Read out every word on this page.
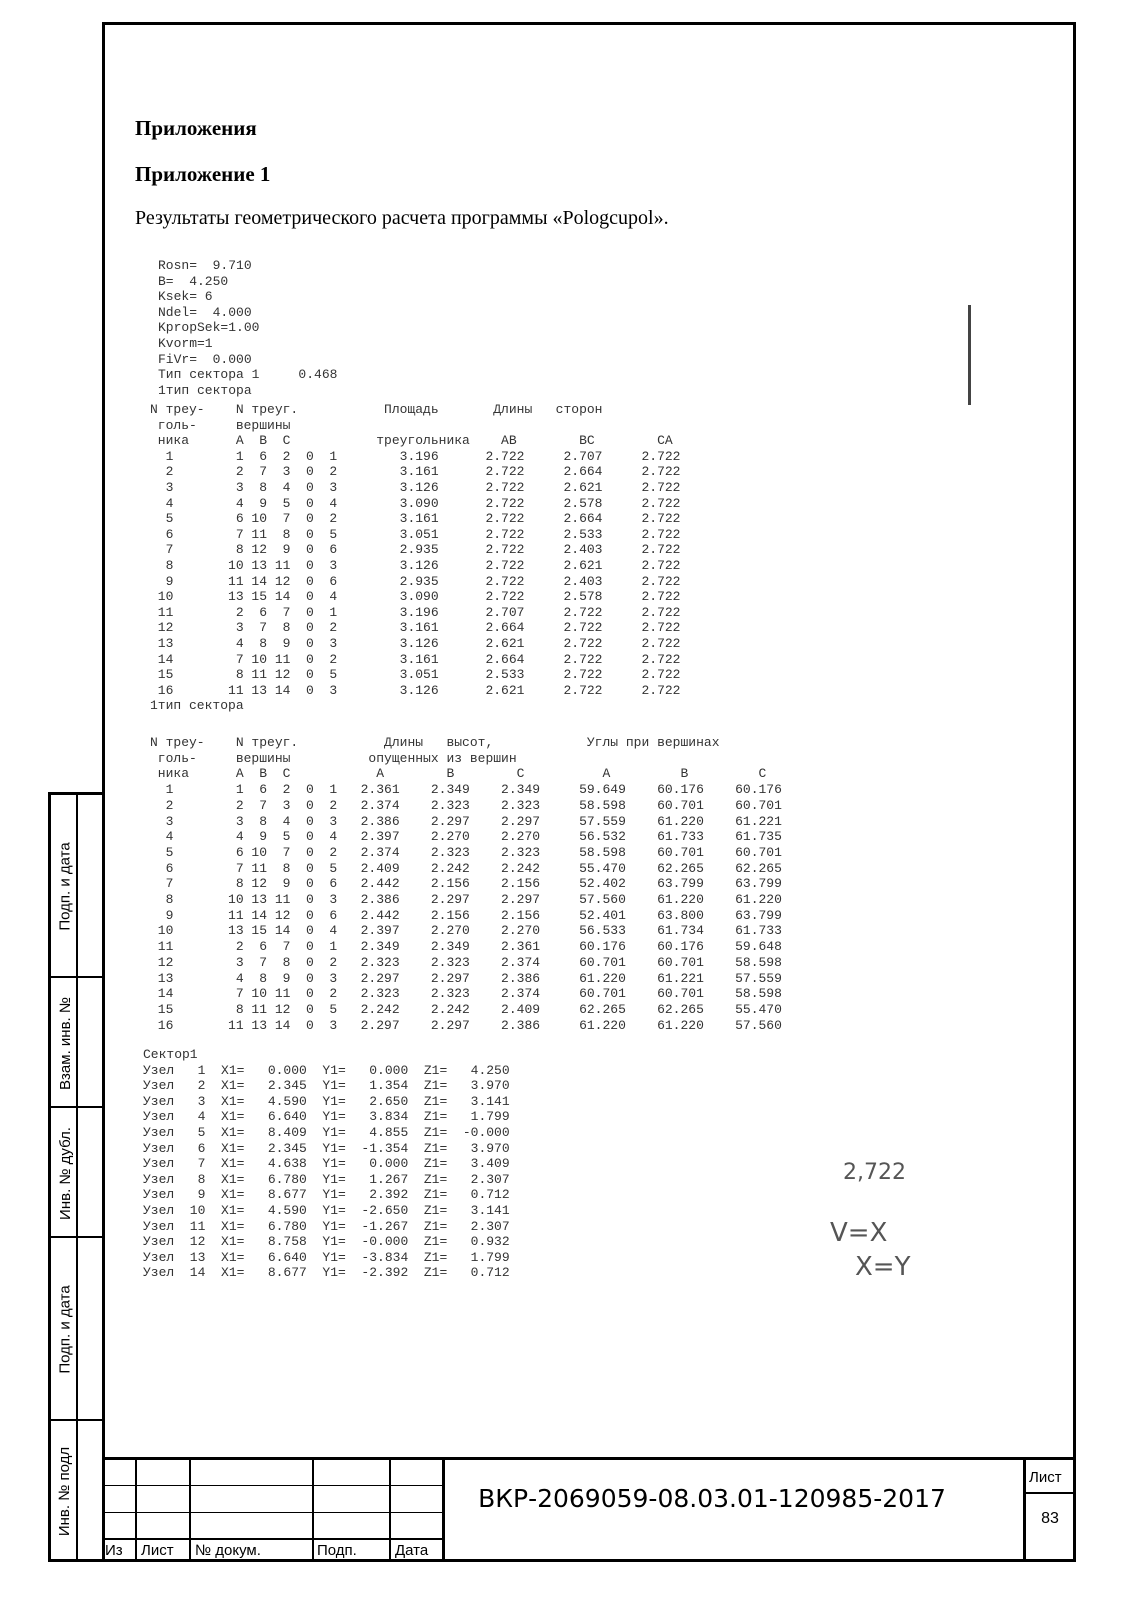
Приложения
Приложение 1

Результаты геометрического расчета программы «Pologcupol».

Rosn=  9.710
B=  4.250
Ksek= 6
Ndel=  4.000
KpropSek=1.00
Kvorm=1
FiVr=  0.000
Тип сектора 1     0.468
1тип сектора
N треу-    N треуг.           Площадь       Длины   сторон
гoль-     вершины
ника      A  B  C           треугольника    AB        BC        CA
1        1  6  2  0  1        3.196      2.722     2.707     2.722
2        2  7  3  0  2        3.161      2.722     2.664     2.722
3        3  8  4  0  3        3.126      2.722     2.621     2.722
4        4  9  5  0  4        3.090      2.722     2.578     2.722
5        6 10  7  0  2        3.161      2.722     2.664     2.722
6        7 11  8  0  5        3.051      2.722     2.533     2.722
7        8 12  9  0  6        2.935      2.722     2.403     2.722
8       10 13 11  0  3        3.126      2.722     2.621     2.722
9       11 14 12  0  6        2.935      2.722     2.403     2.722
10       13 15 14  0  4        3.090      2.722     2.578     2.722
11        2  6  7  0  1        3.196      2.707     2.722     2.722
12        3  7  8  0  2        3.161      2.664     2.722     2.722
13        4  8  9  0  3        3.126      2.621     2.722     2.722
14        7 10 11  0  2        3.161      2.664     2.722     2.722
15        8 11 12  0  5        3.051      2.533     2.722     2.722
16       11 13 14  0  3        3.126      2.621     2.722     2.722
1тип сектора
N треу-    N треуг.           Длины   высот,            Углы при вершинах
гoль-     вершины          опущенных из вершин
ника      A  B  C           A        B        C          A         B         C
1        1  6  2  0  1   2.361    2.349    2.349     59.649    60.176    60.176
2        2  7  3  0  2   2.374    2.323    2.323     58.598    60.701    60.701
3        3  8  4  0  3   2.386    2.297    2.297     57.559    61.220    61.221
4        4  9  5  0  4   2.397    2.270    2.270     56.532    61.733    61.735
5        6 10  7  0  2   2.374    2.323    2.323     58.598    60.701    60.701
6        7 11  8  0  5   2.409    2.242    2.242     55.470    62.265    62.265
7        8 12  9  0  6   2.442    2.156    2.156     52.402    63.799    63.799
8       10 13 11  0  3   2.386    2.297    2.297     57.560    61.220    61.220
9       11 14 12  0  6   2.442    2.156    2.156     52.401    63.800    63.799
10       13 15 14  0  4   2.397    2.270    2.270     56.533    61.734    61.733
11        2  6  7  0  1   2.349    2.349    2.361     60.176    60.176    59.648
12        3  7  8  0  2   2.323    2.323    2.374     60.701    60.701    58.598
13        4  8  9  0  3   2.297    2.297    2.386     61.220    61.221    57.559
14        7 10 11  0  2   2.323    2.323    2.374     60.701    60.701    58.598
15        8 11 12  0  5   2.242    2.242    2.409     62.265    62.265    55.470
16       11 13 14  0  3   2.297    2.297    2.386     61.220    61.220    57.560
Сектор1
Узел   1  X1=   0.000  Y1=   0.000  Z1=   4.250
Узел   2  X1=   2.345  Y1=   1.354  Z1=   3.970
Узел   3  X1=   4.590  Y1=   2.650  Z1=   3.141
Узел   4  X1=   6.640  Y1=   3.834  Z1=   1.799
Узел   5  X1=   8.409  Y1=   4.855  Z1=  -0.000
Узел   6  X1=   2.345  Y1=  -1.354  Z1=   3.970
Узел   7  X1=   4.638  Y1=   0.000  Z1=   3.409
Узел   8  X1=   6.780  Y1=   1.267  Z1=   2.307
Узел   9  X1=   8.677  Y1=   2.392  Z1=   0.712
Узел  10  X1=   4.590  Y1=  -2.650  Z1=   3.141
Узел  11  X1=   6.780  Y1=  -1.267  Z1=   2.307
Узел  12  X1=   8.758  Y1=  -0.000  Z1=   0.932
Узел  13  X1=   6.640  Y1=  -3.834  Z1=   1.799
Узел  14  X1=   8.677  Y1=  -2.392  Z1=   0.712
2,722
V=X
X=Y
Подп. и дата
Взам. инв. №
Инв. № дубл.
Подп. и дата
Инв. № подл
Из Лист № докум.	Подп.	Дата
ВКР-2069059-08.03.01-120985-2017
Лист
83
